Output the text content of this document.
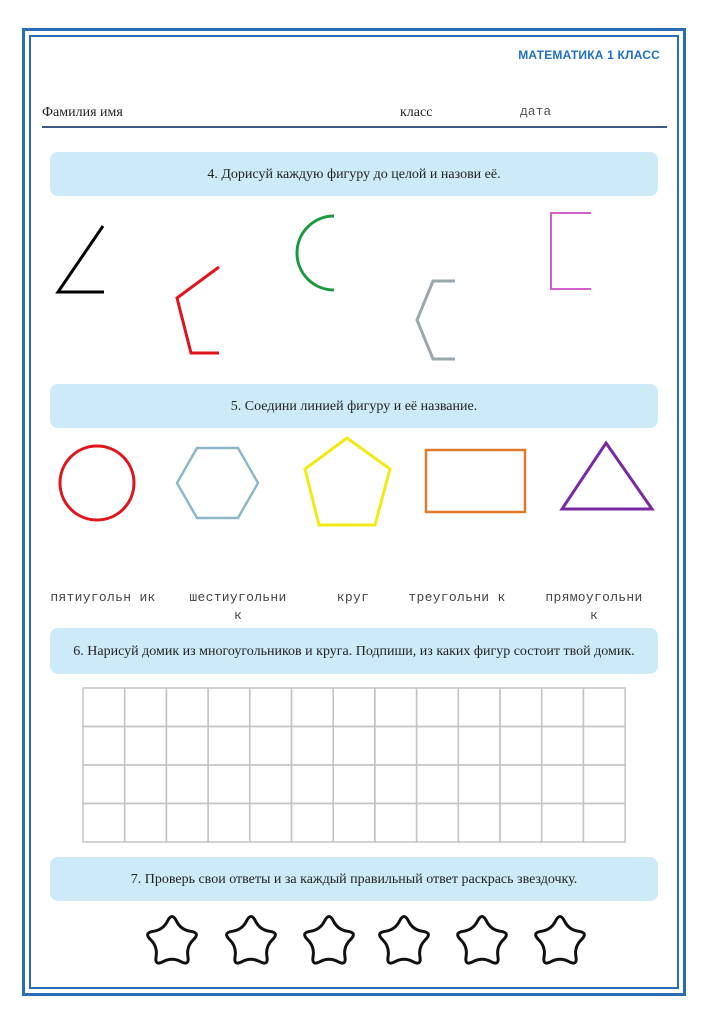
МАТЕМАТИКА 1 КЛАСС
Фамилия имя	класс	дата
4. Дорисуй каждую фигуру до целой и назови её.
5. Соедини линией фигуру и её название.
6. Нарисуй домик из многоугольников и круга. Подпиши, из каких фигур состоит твой домик.
7. Проверь свои ответы и за каждый правильный ответ раскрась звездочку.
пятиугольн ик	шестиугольни к
круг	треугольни к	прямоугольни к
